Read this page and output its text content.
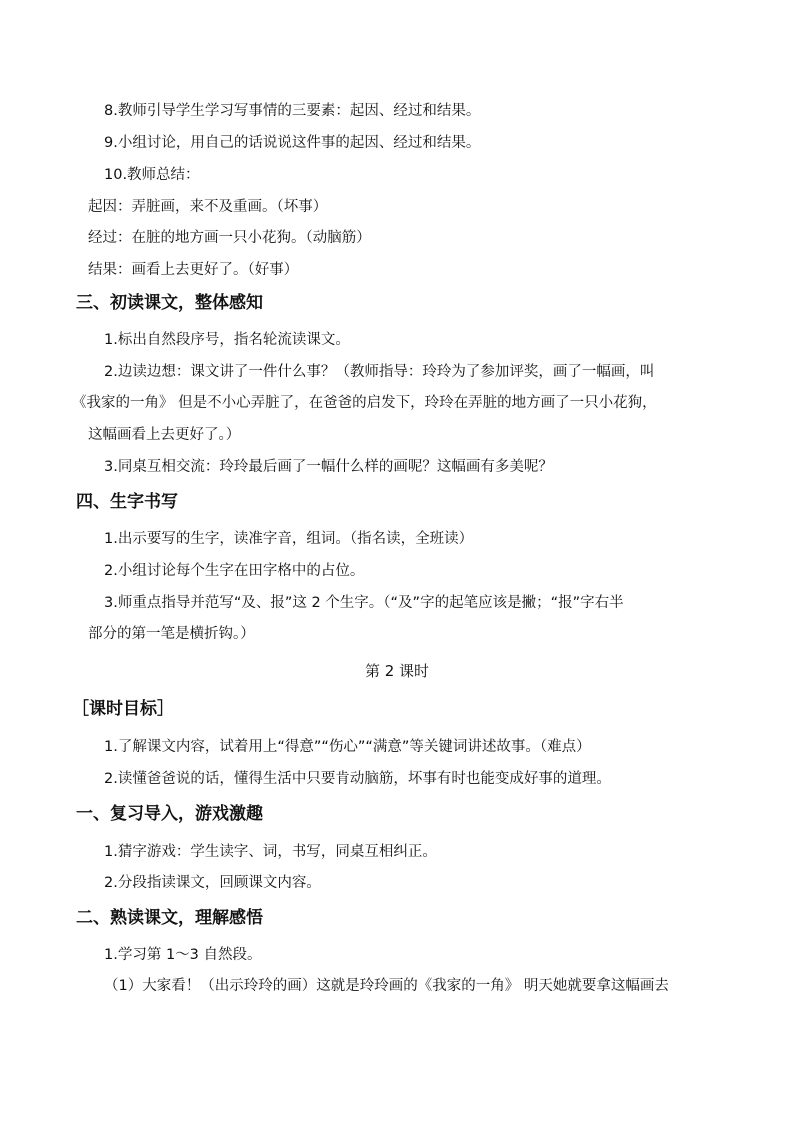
8.教师引导学生学习写事情的三要素：起因、经过和结果。
9.小组讨论，用自己的话说说这件事的起因、经过和结果。
10.教师总结：
起因：弄脏画，来不及重画。（坏事）
经过：在脏的地方画一只小花狗。（动脑筋）
结果：画看上去更好了。（好事）
三、初读课文，整体感知
1.标出自然段序号，指名轮流读课文。
2.边读边想：课文讲了一件什么事？（教师指导：玲玲为了参加评奖，画了一幅画，叫
《我家的一角》 但是不小心弄脏了，在爸爸的启发下，玲玲在弄脏的地方画了一只小花狗，
这幅画看上去更好了。）
3.同桌互相交流：玲玲最后画了一幅什么样的画呢？这幅画有多美呢？
四、生字书写
1.出示要写的生字，读准字音，组词。（指名读，全班读）
2.小组讨论每个生字在田字格中的占位。
3.师重点指导并范写“及、报”这 2 个生字。（“及”字的起笔应该是撇；“报”字右半
部分的第一笔是横折钩。）
第 2 课时
［课时目标］
1.了解课文内容，试着用上“得意”“伤心”“满意”等关键词讲述故事。（难点）
2.读懂爸爸说的话，懂得生活中只要肯动脑筋，坏事有时也能变成好事的道理。
一、复习导入，游戏激趣
1.猜字游戏：学生读字、词，书写，同桌互相纠正。
2.分段指读课文，回顾课文内容。
二、熟读课文，理解感悟
1.学习第 1～3 自然段。
（1）大家看！（出示玲玲的画）这就是玲玲画的《我家的一角》 明天她就要拿这幅画去
